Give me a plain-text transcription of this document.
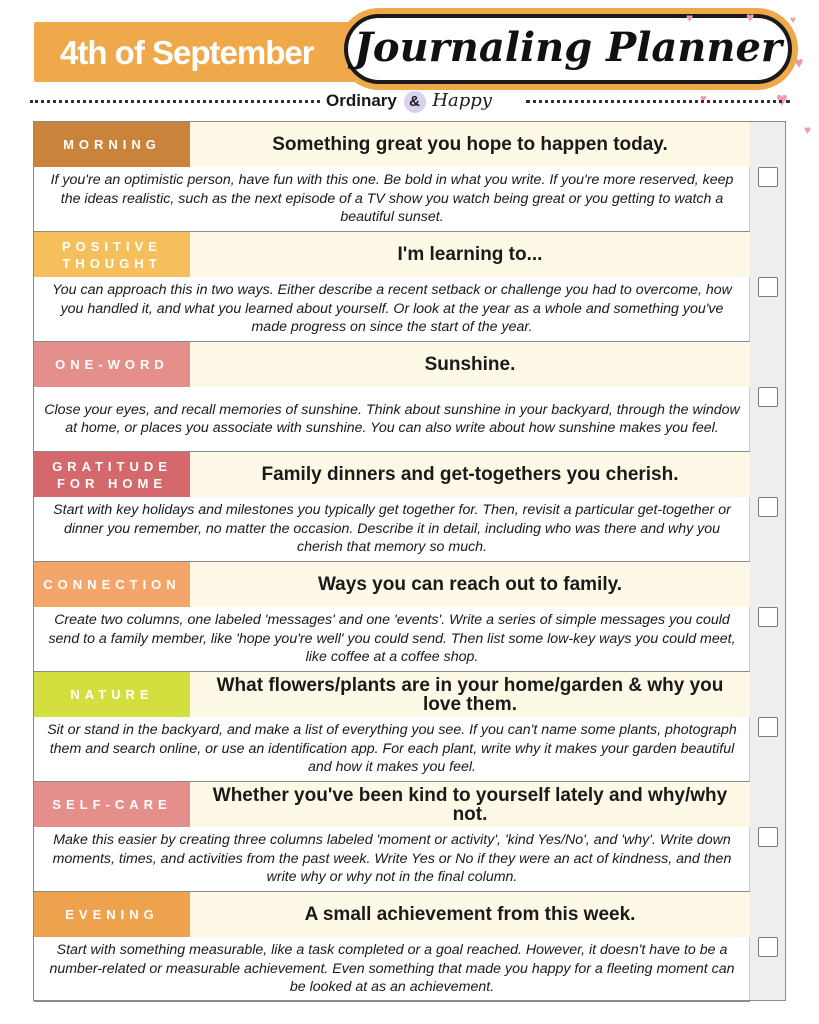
4th of September	Journaling Planner
♥	♥	♥
♥
♥
♥
♥
Ordinary & Happy
MORNING	Something great you hope to happen today.
If you're an optimistic person, have fun with this one. Be bold in what you write. If you're more reserved, keep the ideas realistic, such as the next episode of a TV show you watch being great or you getting to watch a beautiful sunset.
POSITIVE THOUGHT	I'm learning to...
You can approach this in two ways. Either describe a recent setback or challenge you had to overcome, how you handled it, and what you learned about yourself. Or look at the year as a whole and something you've made progress on since the start of the year.
ONE-WORD	Sunshine.
Close your eyes, and recall memories of sunshine. Think about sunshine in your backyard, through the window at home, or places you associate with sunshine. You can also write about how sunshine makes you feel.
GRATITUDE FOR HOME	Family dinners and get-togethers you cherish.
Start with key holidays and milestones you typically get together for. Then, revisit a particular get-together or dinner you remember, no matter the occasion. Describe it in detail, including who was there and why you cherish that memory so much.
CONNECTION	Ways you can reach out to family.
Create two columns, one labeled 'messages' and one 'events'. Write a series of simple messages you could send to a family member, like 'hope you're well' you could send. Then list some low-key ways you could meet, like coffee at a coffee shop.
NATURE	What flowers/plants are in your home/garden & why you love them.
Sit or stand in the backyard, and make a list of everything you see. If you can't name some plants, photograph them and search online, or use an identification app. For each plant, write why it makes your garden beautiful and how it makes you feel.
SELF-CARE	Whether you've been kind to yourself lately and why/why not.
Make this easier by creating three columns labeled 'moment or activity', 'kind Yes/No', and 'why'. Write down moments, times, and activities from the past week. Write Yes or No if they were an act of kindness, and then write why or why not in the final column.
EVENING	A small achievement from this week.
Start with something measurable, like a task completed or a goal reached. However, it doesn't have to be a number-related or measurable achievement. Even something that made you happy for a fleeting moment can be looked at as an achievement.
